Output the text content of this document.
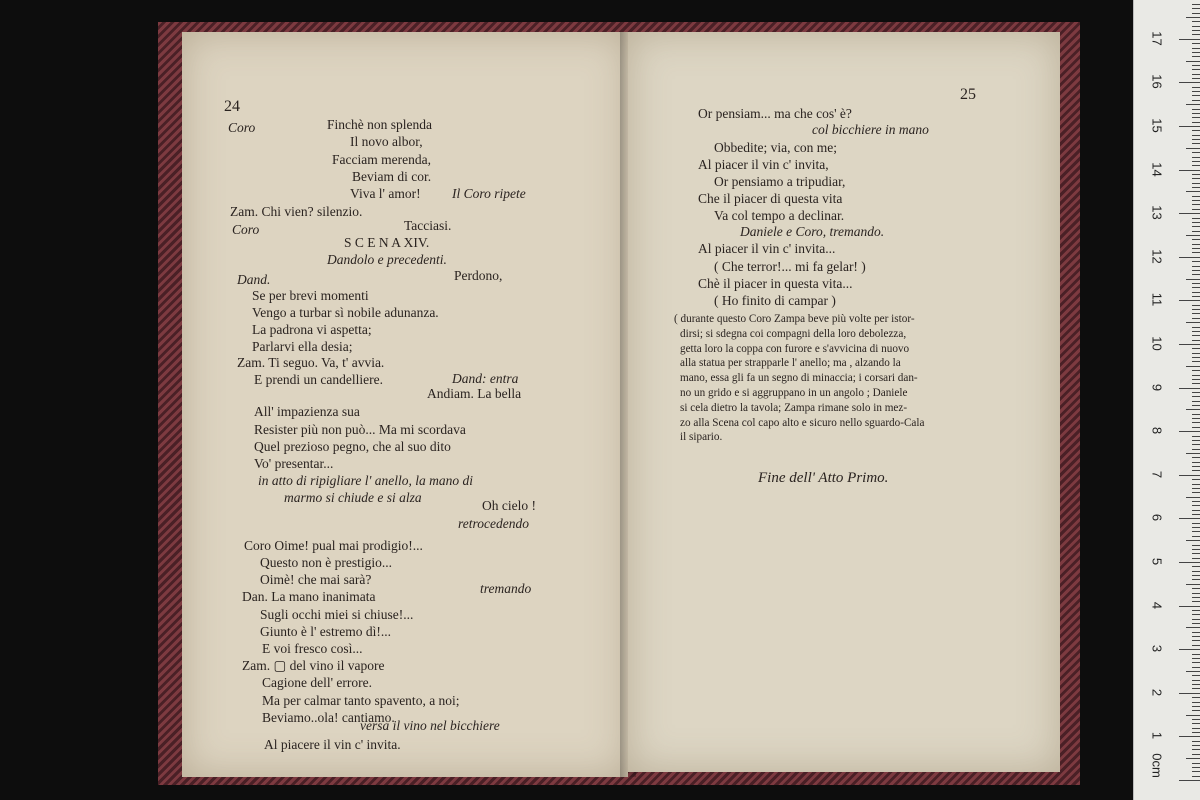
24
Coro	Finchè non splenda
Il novo albor,
Facciam merenda,
Beviam di cor.
Viva l' amor! Il Coro ripete
Zam. Chi vien? silenzio.
Coro	Tacciasi.
S C E N A XIV.
Dandolo e precedenti.
Dand.	Perdono,
Se per brevi momenti
Vengo a turbar sì nobile adunanza.
La padrona vi aspetta;
Parlarvi ella desia;
Zam. Ti seguo. Va, t' avvia.
E prendi un candelliere.	Dand: entra
Andiam. La bella
All' impazienza sua
Resister più non può... Ma mi scordava
Quel prezioso pegno, che al suo dito
Vo' presentar...
in atto di ripigliare l' anello, la mano di
marmo si chiude e si alza
Oh cielo !
retrocedendo
Coro Oime! pual mai prodigio!...
Questo non è prestigio...
Oimè! che mai sarà?
Dan. La mano inanimata
tremando
Sugli occhi miei si chiuse!...
Giunto è l' estremo dì!...
E voi fresco così...
Zam. ▢ del vino il vapore
Cagione dell' errore.
Ma per calmar tanto spavento, a noi;
Beviamo..ola! cantiamo.
versa il vino nel bicchiere
Al piacere il vin c' invita.
25
Or pensiam... ma che cos' è?
col bicchiere in mano
Obbedite; via, con me;
Al piacer il vin c' invita,
Or pensiamo a tripudiar,
Che il piacer di questa vita
Va col tempo a declinar.
Daniele e Coro, tremando.
Al piacer il vin c' invita...
( Che terror!... mi fa gelar! )
Chè il piacer in questa vita...
( Ho finito di campar )
( durante questo Coro Zampa beve più volte per istor-
dirsi; si sdegna coi compagni della loro debolezza,
getta loro la coppa con furore e s'avvicina di nuovo
alla statua per strapparle l' anello; ma , alzando la
mano, essa gli fa un segno di minaccia; i corsari dan-
no un grido e si aggruppano in un angolo ; Daniele
si cela dietro la tavola; Zampa rimane solo in mez-
zo alla Scena col capo alto e sicuro nello sguardo-Cala
il sipario.
Fine dell' Atto Primo.
1
2
3
4
5
6
7
8
9
10
11
12
13
14
15
16
17
0cm
